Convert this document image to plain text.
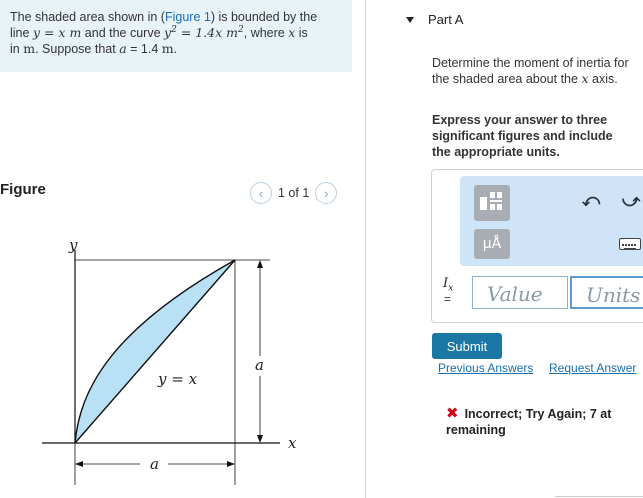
The shaded area shown in (Figure 1) is bounded by the
line y = x m and the curve $y^2 = 1.4x$ $m^2$, where x is
in m. Suppose that a = 1.4 m.
Figure	‹	1 of 1	›
y
x
y = x
a
a
Part A
Determine the moment of inertia for the shaded area about the x axis.
Express your answer to three significant figures and include the appropriate units.
μÅ
⤺ ⤻
$I_x$
=	Value	Units
Submit
Previous Answers Request Answer
✖ Incorrect; Try Again; 7 at
remaining
